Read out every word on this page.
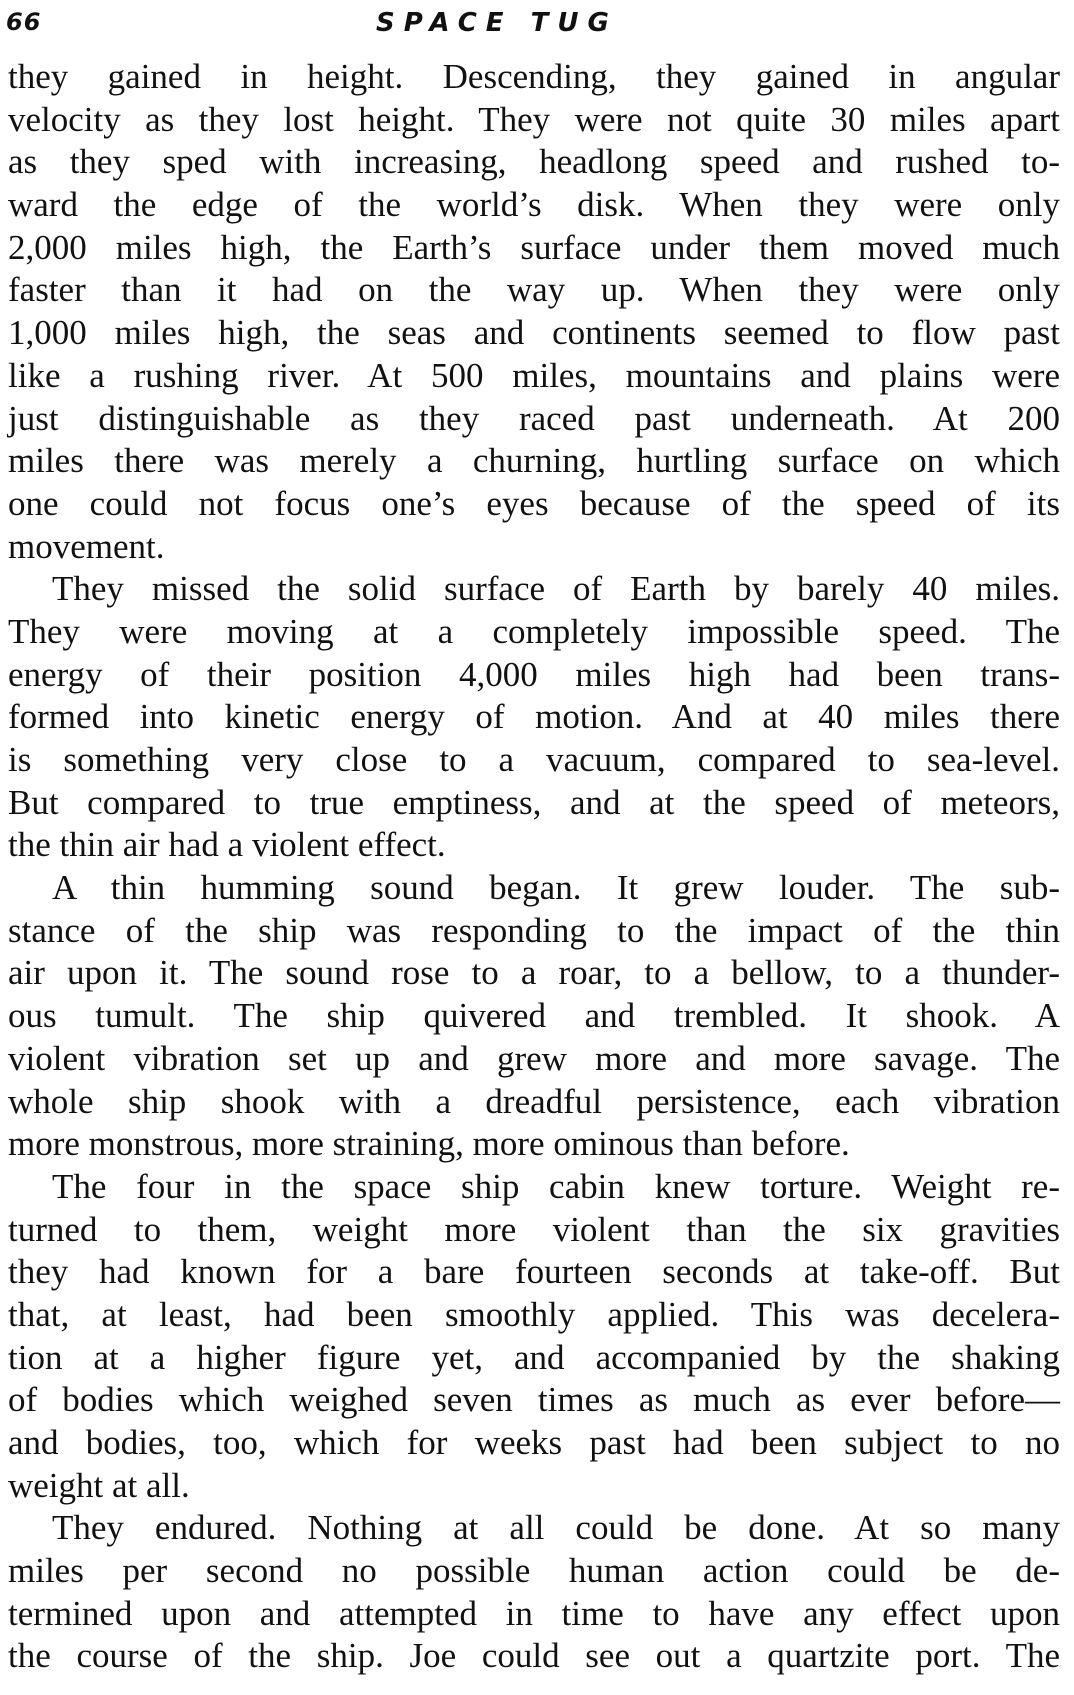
66	SPACE TUG
they gained in height. Descending, they gained in angular
velocity as they lost height. They were not quite 30 miles apart
as they sped with increasing, headlong speed and rushed to-
ward the edge of the world’s disk. When they were only
2,000 miles high, the Earth’s surface under them moved much
faster than it had on the way up. When they were only
1,000 miles high, the seas and continents seemed to flow past
like a rushing river. At 500 miles, mountains and plains were
just distinguishable as they raced past underneath. At 200
miles there was merely a churning, hurtling surface on which
one could not focus one’s eyes because of the speed of its
movement.
They missed the solid surface of Earth by barely 40 miles.
They were moving at a completely impossible speed. The
energy of their position 4,000 miles high had been trans-
formed into kinetic energy of motion. And at 40 miles there
is something very close to a vacuum, compared to sea-level.
But compared to true emptiness, and at the speed of meteors,
the thin air had a violent effect.
A thin humming sound began. It grew louder. The sub-
stance of the ship was responding to the impact of the thin
air upon it. The sound rose to a roar, to a bellow, to a thunder-
ous tumult. The ship quivered and trembled. It shook. A
violent vibration set up and grew more and more savage. The
whole ship shook with a dreadful persistence, each vibration
more monstrous, more straining, more ominous than before.
The four in the space ship cabin knew torture. Weight re-
turned to them, weight more violent than the six gravities
they had known for a bare fourteen seconds at take-off. But
that, at least, had been smoothly applied. This was decelera-
tion at a higher figure yet, and accompanied by the shaking
of bodies which weighed seven times as much as ever before—
and bodies, too, which for weeks past had been subject to no
weight at all.
They endured. Nothing at all could be done. At so many
miles per second no possible human action could be de-
termined upon and attempted in time to have any effect upon
the course of the ship. Joe could see out a quartzite port. The
